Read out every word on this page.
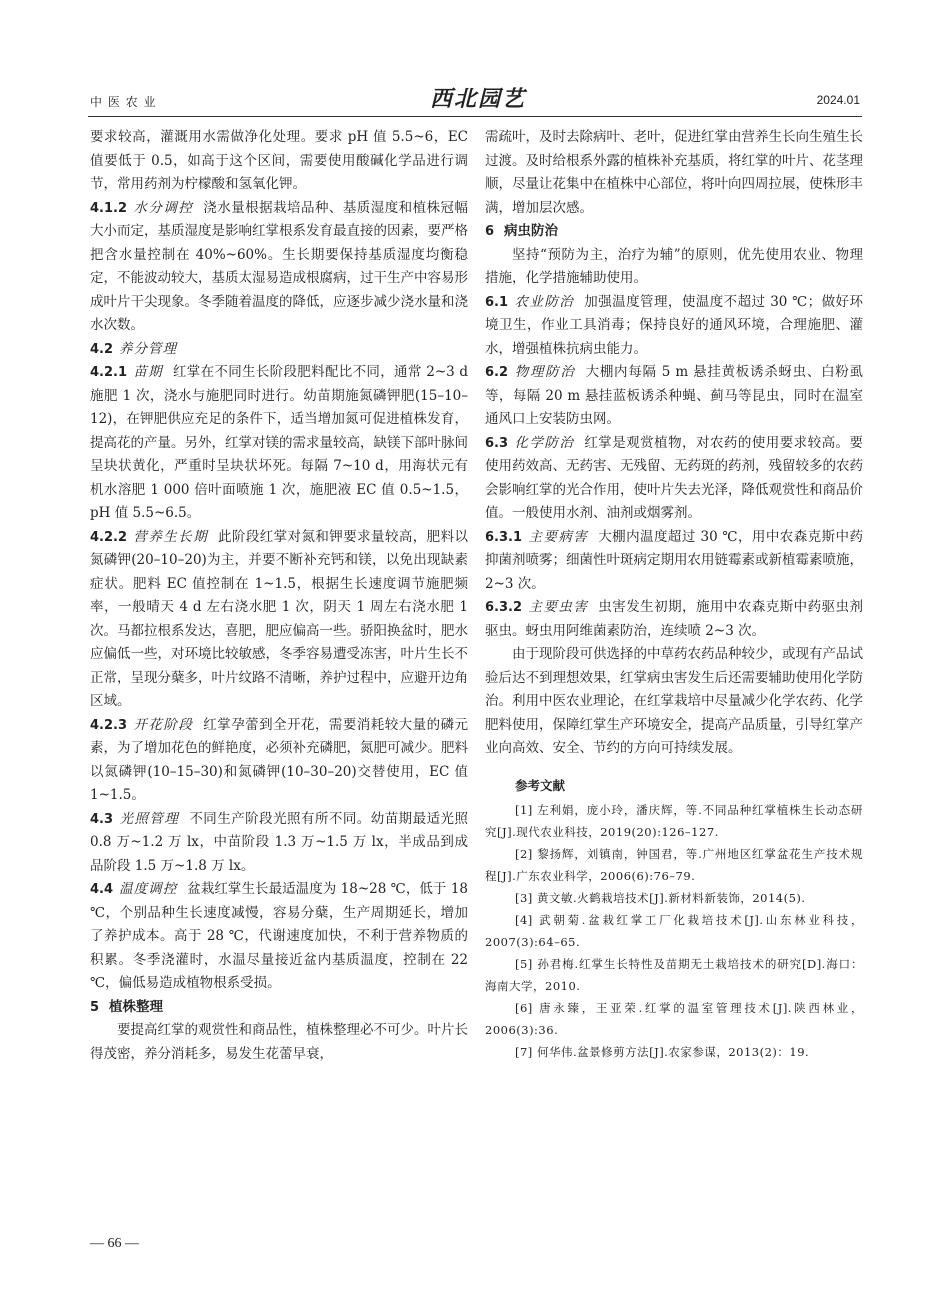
中 医 农 业	西北园艺	2024.01

要求较高，灌溉用水需做净化处理。要求 pH 值 5.5~6，EC 值要低于 0.5，如高于这个区间，需要使用酸碱化学品进行调节，常用药剂为柠檬酸和氢氧化钾。

4.1.2 水分调控 浇水量根据栽培品种、基质湿度和植株冠幅大小而定，基质湿度是影响红掌根系发育最直接的因素，要严格把含水量控制在 40%~60%。生长期要保持基质湿度均衡稳定，不能波动较大，基质太湿易造成根腐病，过干生产中容易形成叶片干尖现象。冬季随着温度的降低，应逐步减少浇水量和浇水次数。

4.2 养分管理

4.2.1 苗期 红掌在不同生长阶段肥料配比不同，通常 2~3 d 施肥 1 次，浇水与施肥同时进行。幼苗期施氮磷钾肥(15–10–12)，在钾肥供应充足的条件下，适当增加氮可促进植株发育，提高花的产量。另外，红掌对镁的需求量较高，缺镁下部叶脉间呈块状黄化，严重时呈块状坏死。每隔 7~10 d，用海状元有机水溶肥 1 000 倍叶面喷施 1 次，施肥液 EC 值 0.5~1.5，pH 值 5.5~6.5。

4.2.2 营养生长期 此阶段红掌对氮和钾要求量较高，肥料以氮磷钾(20–10–20)为主，并要不断补充钙和镁，以免出现缺素症状。肥料 EC 值控制在 1~1.5，根据生长速度调节施肥频率，一般晴天 4 d 左右浇水肥 1 次，阴天 1 周左右浇水肥 1 次。马都拉根系发达，喜肥，肥应偏高一些。骄阳换盆时，肥水应偏低一些，对环境比较敏感，冬季容易遭受冻害，叶片生长不正常，呈现分蘖多，叶片纹路不清晰，养护过程中，应避开边角区域。

4.2.3 开花阶段 红掌孕蕾到全开花，需要消耗较大量的磷元素，为了增加花色的鲜艳度，必须补充磷肥，氮肥可减少。肥料以氮磷钾(10–15–30)和氮磷钾(10–30–20)交替使用，EC 值 1~1.5。

4.3 光照管理 不同生产阶段光照有所不同。幼苗期最适光照 0.8 万~1.2 万 lx，中苗阶段 1.3 万~1.5 万 lx，半成品到成品阶段 1.5 万~1.8 万 lx。

4.4 温度调控 盆栽红掌生长最适温度为 18~28 ℃，低于 18 ℃，个别品种生长速度减慢，容易分蘖，生产周期延长，增加了养护成本。高于 28 ℃，代谢速度加快，不利于营养物质的积累。冬季浇灌时，水温尽量接近盆内基质温度，控制在 22 ℃，偏低易造成植物根系受损。

5 植株整理

要提高红掌的观赏性和商品性，植株整理必不可少。叶片长得茂密，养分消耗多，易发生花蕾早衰，

需疏叶，及时去除病叶、老叶，促进红掌由营养生长向生殖生长过渡。及时给根系外露的植株补充基质，将红掌的叶片、花茎理顺，尽量让花集中在植株中心部位，将叶向四周拉展，使株形丰满，增加层次感。

6 病虫防治

坚持“预防为主，治疗为辅”的原则，优先使用农业、物理措施，化学措施辅助使用。

6.1 农业防治 加强温度管理，使温度不超过 30 ℃；做好环境卫生，作业工具消毒；保持良好的通风环境，合理施肥、灌水，增强植株抗病虫能力。

6.2 物理防治 大棚内每隔 5 m 悬挂黄板诱杀蚜虫、白粉虱等，每隔 20 m 悬挂蓝板诱杀种蝇、蓟马等昆虫，同时在温室通风口上安装防虫网。

6.3 化学防治 红掌是观赏植物，对农药的使用要求较高。要使用药效高、无药害、无残留、无药斑的药剂，残留较多的农药会影响红掌的光合作用，使叶片失去光泽，降低观赏性和商品价值。一般使用水剂、油剂或烟雾剂。

6.3.1 主要病害 大棚内温度超过 30 ℃，用中农森克斯中药抑菌剂喷雾；细菌性叶斑病定期用农用链霉素或新植霉素喷施，2~3 次。

6.3.2 主要虫害 虫害发生初期，施用中农森克斯中药驱虫剂驱虫。蚜虫用阿维菌素防治，连续喷 2~3 次。

由于现阶段可供选择的中草药农药品种较少，或现有产品试验后达不到理想效果，红掌病虫害发生后还需要辅助使用化学防治。利用中医农业理论，在红掌栽培中尽量减少化学农药、化学肥料使用，保障红掌生产环境安全，提高产品质量，引导红掌产业向高效、安全、节约的方向可持续发展。

参考文献

[1] 左利娟，庞小玲，潘庆辉，等.不同品种红掌植株生长动态研究[J].现代农业科技，2019(20):126–127.

[2] 黎扬辉，刘镇南，钟国君，等.广州地区红掌盆花生产技术规程[J].广东农业科学，2006(6):76–79.

[3] 黄文敏.火鹤栽培技术[J].新材料新装饰，2014(5).

[4] 武朝菊.盆栽红掌工厂化栽培技术[J].山东林业科技，2007(3):64–65.

[5] 孙君梅.红掌生长特性及苗期无土栽培技术的研究[D].海口：海南大学，2010.

[6] 唐永臻，王亚荣.红掌的温室管理技术[J].陕西林业，2006(3):36.

[7] 何华伟.盆景修剪方法[J].农家参谋，2013(2)：19.

— 66 —
